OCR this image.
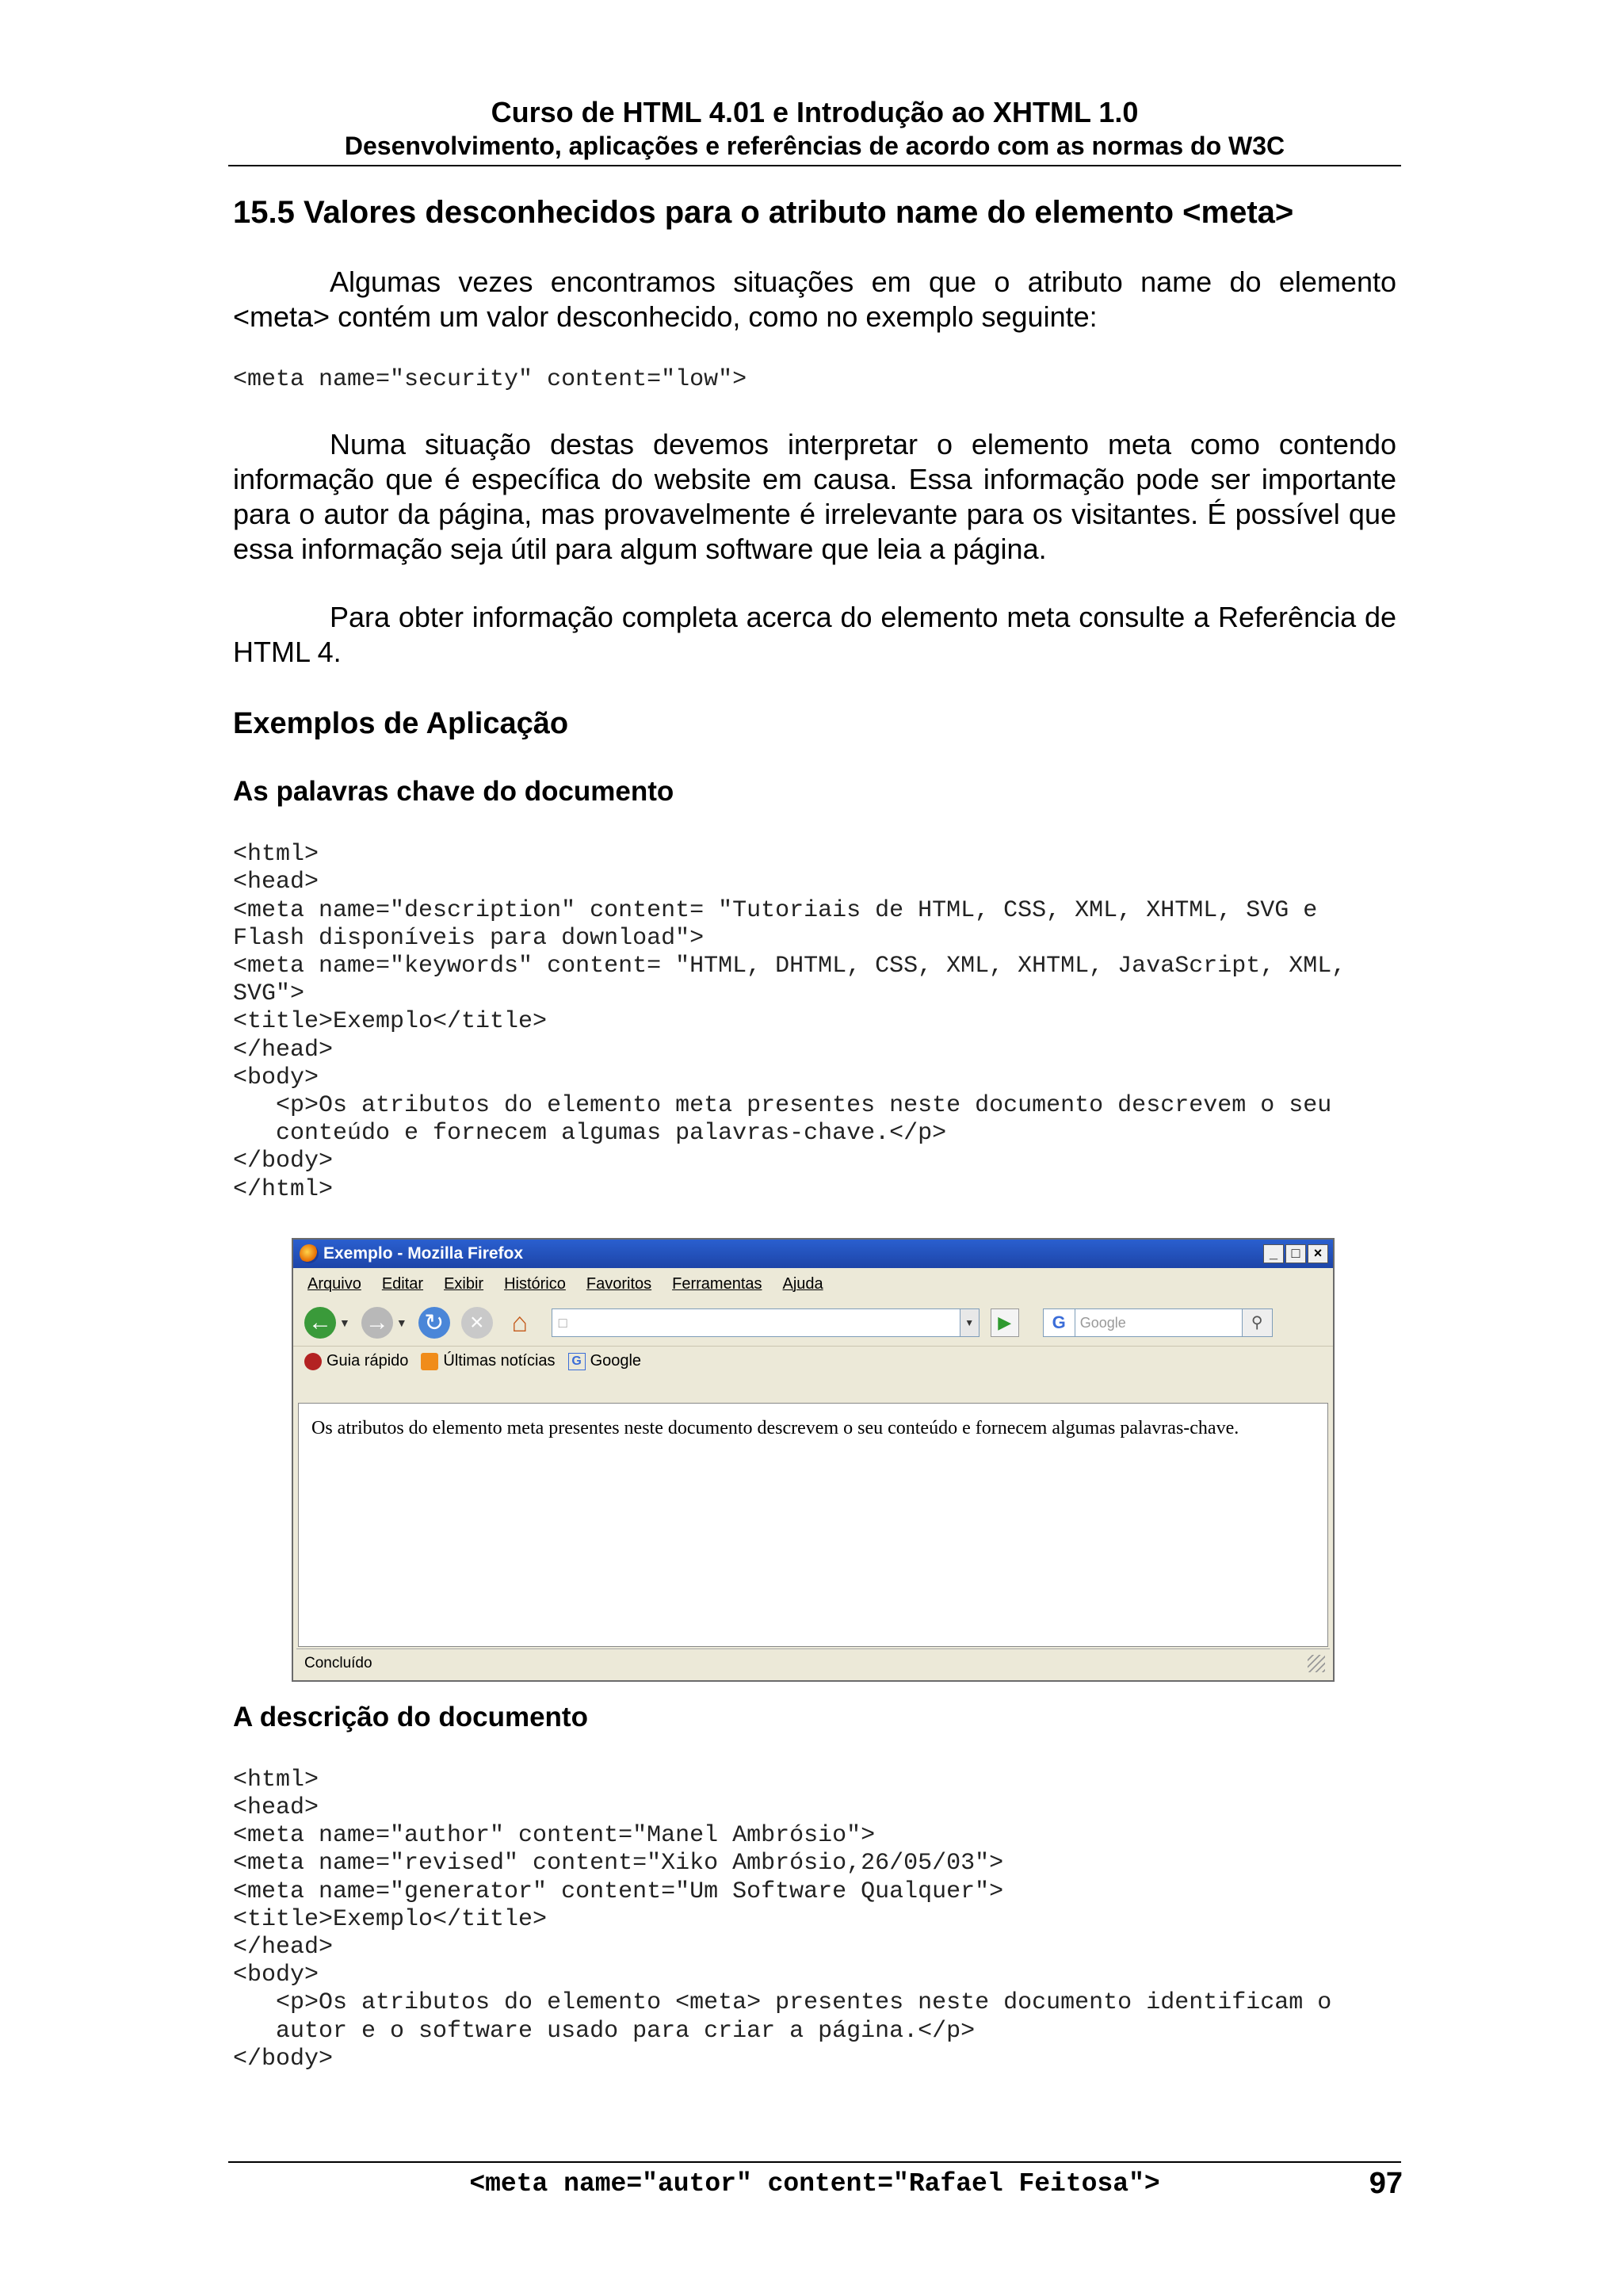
Curso de HTML 4.01 e Introdução ao XHTML 1.0
Desenvolvimento, aplicações e referências de acordo com as normas do W3C
15.5 Valores desconhecidos para o atributo name do elemento <meta>

Algumas vezes encontramos situações em que o atributo name do elemento <meta> contém um valor desconhecido, como no exemplo seguinte:

<meta name="security" content="low">

Numa situação destas devemos interpretar o elemento meta como contendo informação que é específica do website em causa. Essa informação pode ser importante para o autor da página, mas provavelmente é irrelevante para os visitantes. É possível que essa informação seja útil para algum software que leia a página.

Para obter informação completa acerca do elemento meta consulte a Referência de HTML 4.

Exemplos de Aplicação
As palavras chave do documento
<html>
<head>
<meta name="description" content= "Tutoriais de HTML, CSS, XML, XHTML, SVG e
Flash disponíveis para download">
<meta name="keywords" content= "HTML, DHTML, CSS, XML, XHTML, JavaScript, XML,
SVG">
<title>Exemplo</title>
</head>
<body>
<p>Os atributos do elemento meta presentes neste documento descrevem o seu
conteúdo e fornecem algumas palavras-chave.</p>
</body>
</html>
A descrição do documento
<html>
<head>
<meta name="author" content="Manel Ambrósio">
<meta name="revised" content="Xiko Ambrósio,26/05/03">
<meta name="generator" content="Um Software Qualquer">
<title>Exemplo</title>
</head>
<body>
<p>Os atributos do elemento <meta> presentes neste documento identificam o
autor e o software usado para criar a página.</p>
</body>
Exemplo - Mozilla Firefox	_ □ ×
Arquivo Editar Exibir Histórico Favoritos Ferramentas Ajuda
← ▼ → ▼ ↻	×	⌂	□	▼	▶	G Google	⚲
Guia rápido Últimas notícias G Google
Os atributos do elemento meta presentes neste documento descrevem o seu conteúdo e fornecem algumas palavras-chave.
Concluído
<meta name="autor" content="Rafael Feitosa">	97
